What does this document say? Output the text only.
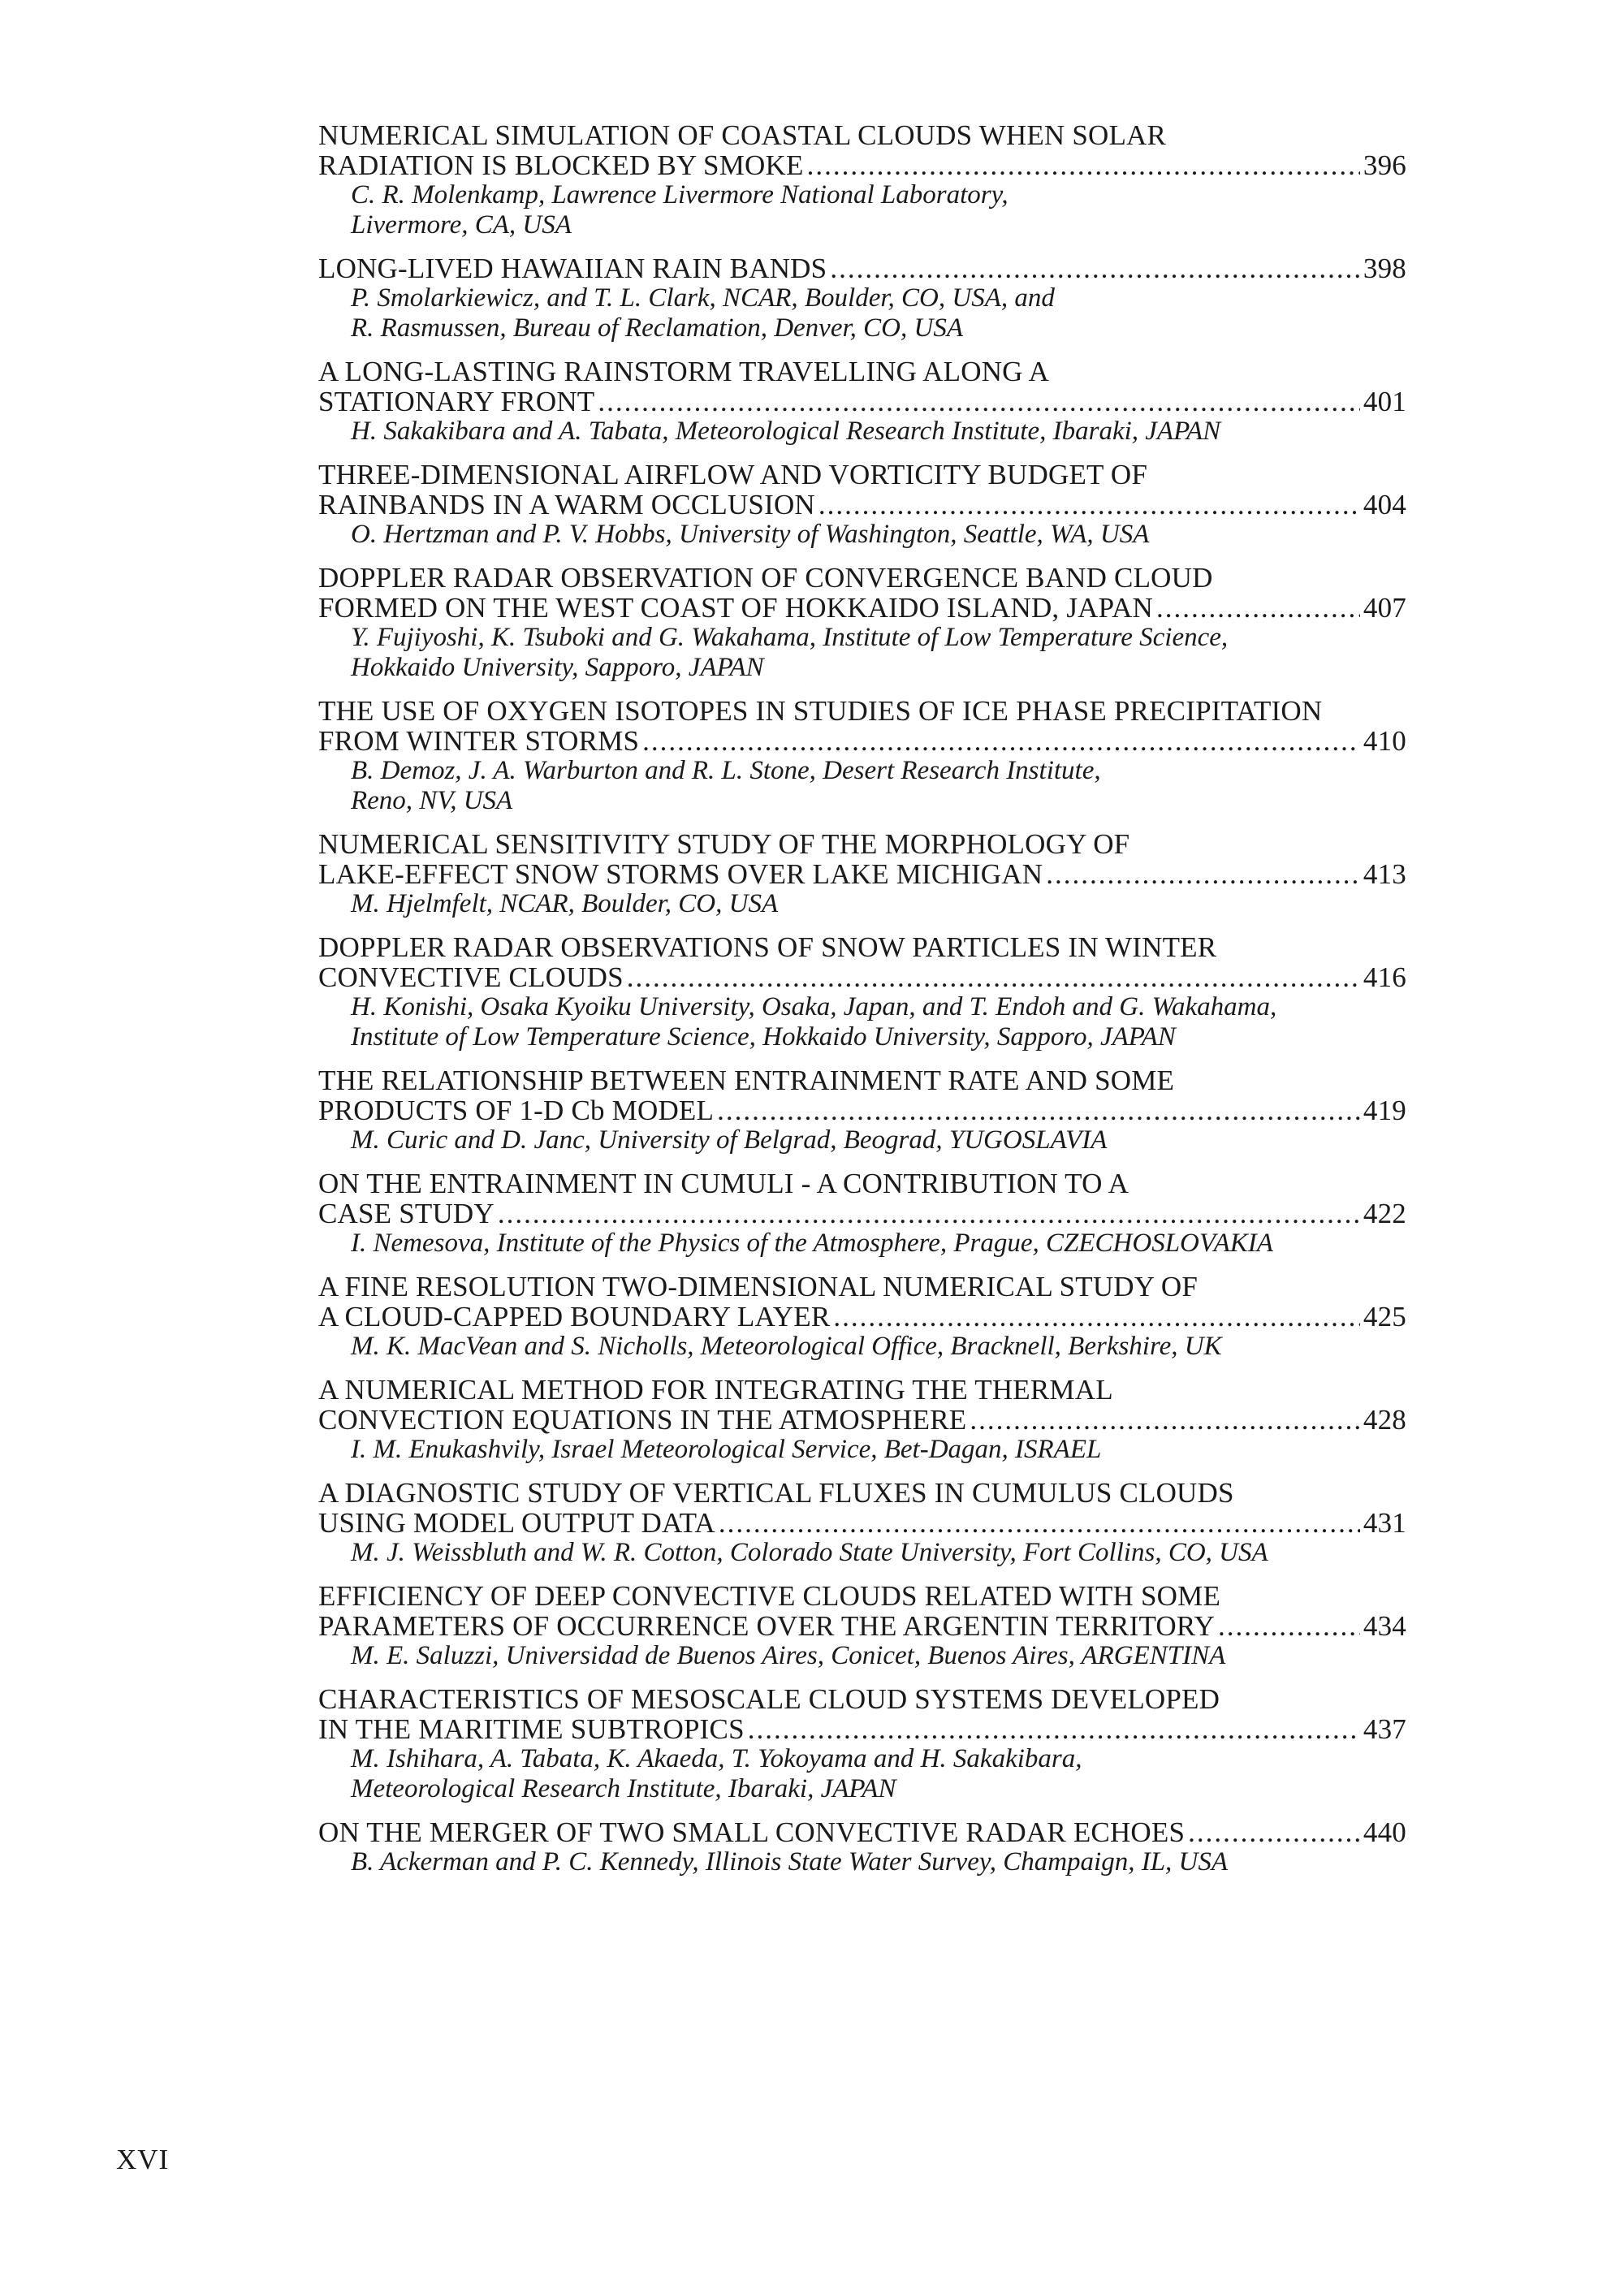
NUMERICAL SIMULATION OF COASTAL CLOUDS WHEN SOLAR
RADIATION IS BLOCKED BY SMOKE .....	396
C. R. Molenkamp, Lawrence Livermore National Laboratory,
Livermore, CA, USA
LONG-LIVED HAWAIIAN RAIN BANDS .....	398
P. Smolarkiewicz, and T. L. Clark, NCAR, Boulder, CO, USA, and
R. Rasmussen, Bureau of Reclamation, Denver, CO, USA
A LONG-LASTING RAINSTORM TRAVELLING ALONG A
STATIONARY FRONT .....	401
H. Sakakibara and A. Tabata, Meteorological Research Institute, Ibaraki, JAPAN
THREE-DIMENSIONAL AIRFLOW AND VORTICITY BUDGET OF
RAINBANDS IN A WARM OCCLUSION .....	404
O. Hertzman and P. V. Hobbs, University of Washington, Seattle, WA, USA
DOPPLER RADAR OBSERVATION OF CONVERGENCE BAND CLOUD
FORMED ON THE WEST COAST OF HOKKAIDO ISLAND, JAPAN .....	407
Y. Fujiyoshi, K. Tsuboki and G. Wakahama, Institute of Low Temperature Science,
Hokkaido University, Sapporo, JAPAN
THE USE OF OXYGEN ISOTOPES IN STUDIES OF ICE PHASE PRECIPITATION
FROM WINTER STORMS .....	410
B. Demoz, J. A. Warburton and R. L. Stone, Desert Research Institute,
Reno, NV, USA
NUMERICAL SENSITIVITY STUDY OF THE MORPHOLOGY OF
LAKE-EFFECT SNOW STORMS OVER LAKE MICHIGAN .....	413
M. Hjelmfelt, NCAR, Boulder, CO, USA
DOPPLER RADAR OBSERVATIONS OF SNOW PARTICLES IN WINTER
CONVECTIVE CLOUDS .....	416
H. Konishi, Osaka Kyoiku University, Osaka, Japan, and T. Endoh and G. Wakahama,
Institute of Low Temperature Science, Hokkaido University, Sapporo, JAPAN
THE RELATIONSHIP BETWEEN ENTRAINMENT RATE AND SOME
PRODUCTS OF 1-D Cb MODEL .....	419
M. Curic and D. Janc, University of Belgrad, Beograd, YUGOSLAVIA
ON THE ENTRAINMENT IN CUMULI - A CONTRIBUTION TO A
CASE STUDY .....	422
I. Nemesova, Institute of the Physics of the Atmosphere, Prague, CZECHOSLOVAKIA
A FINE RESOLUTION TWO-DIMENSIONAL NUMERICAL STUDY OF
A CLOUD-CAPPED BOUNDARY LAYER .....	425
M. K. MacVean and S. Nicholls, Meteorological Office, Bracknell, Berkshire, UK
A NUMERICAL METHOD FOR INTEGRATING THE THERMAL
CONVECTION EQUATIONS IN THE ATMOSPHERE .....	428
I. M. Enukashvily, Israel Meteorological Service, Bet-Dagan, ISRAEL
A DIAGNOSTIC STUDY OF VERTICAL FLUXES IN CUMULUS CLOUDS
USING MODEL OUTPUT DATA .....	431
M. J. Weissbluth and W. R. Cotton, Colorado State University, Fort Collins, CO, USA
EFFICIENCY OF DEEP CONVECTIVE CLOUDS RELATED WITH SOME
PARAMETERS OF OCCURRENCE OVER THE ARGENTIN TERRITORY .....	434
M. E. Saluzzi, Universidad de Buenos Aires, Conicet, Buenos Aires, ARGENTINA
CHARACTERISTICS OF MESOSCALE CLOUD SYSTEMS DEVELOPED
IN THE MARITIME SUBTROPICS .....	437
M. Ishihara, A. Tabata, K. Akaeda, T. Yokoyama and H. Sakakibara,
Meteorological Research Institute, Ibaraki, JAPAN
ON THE MERGER OF TWO SMALL CONVECTIVE RADAR ECHOES .....	440
B. Ackerman and P. C. Kennedy, Illinois State Water Survey, Champaign, IL, USA
XVI
